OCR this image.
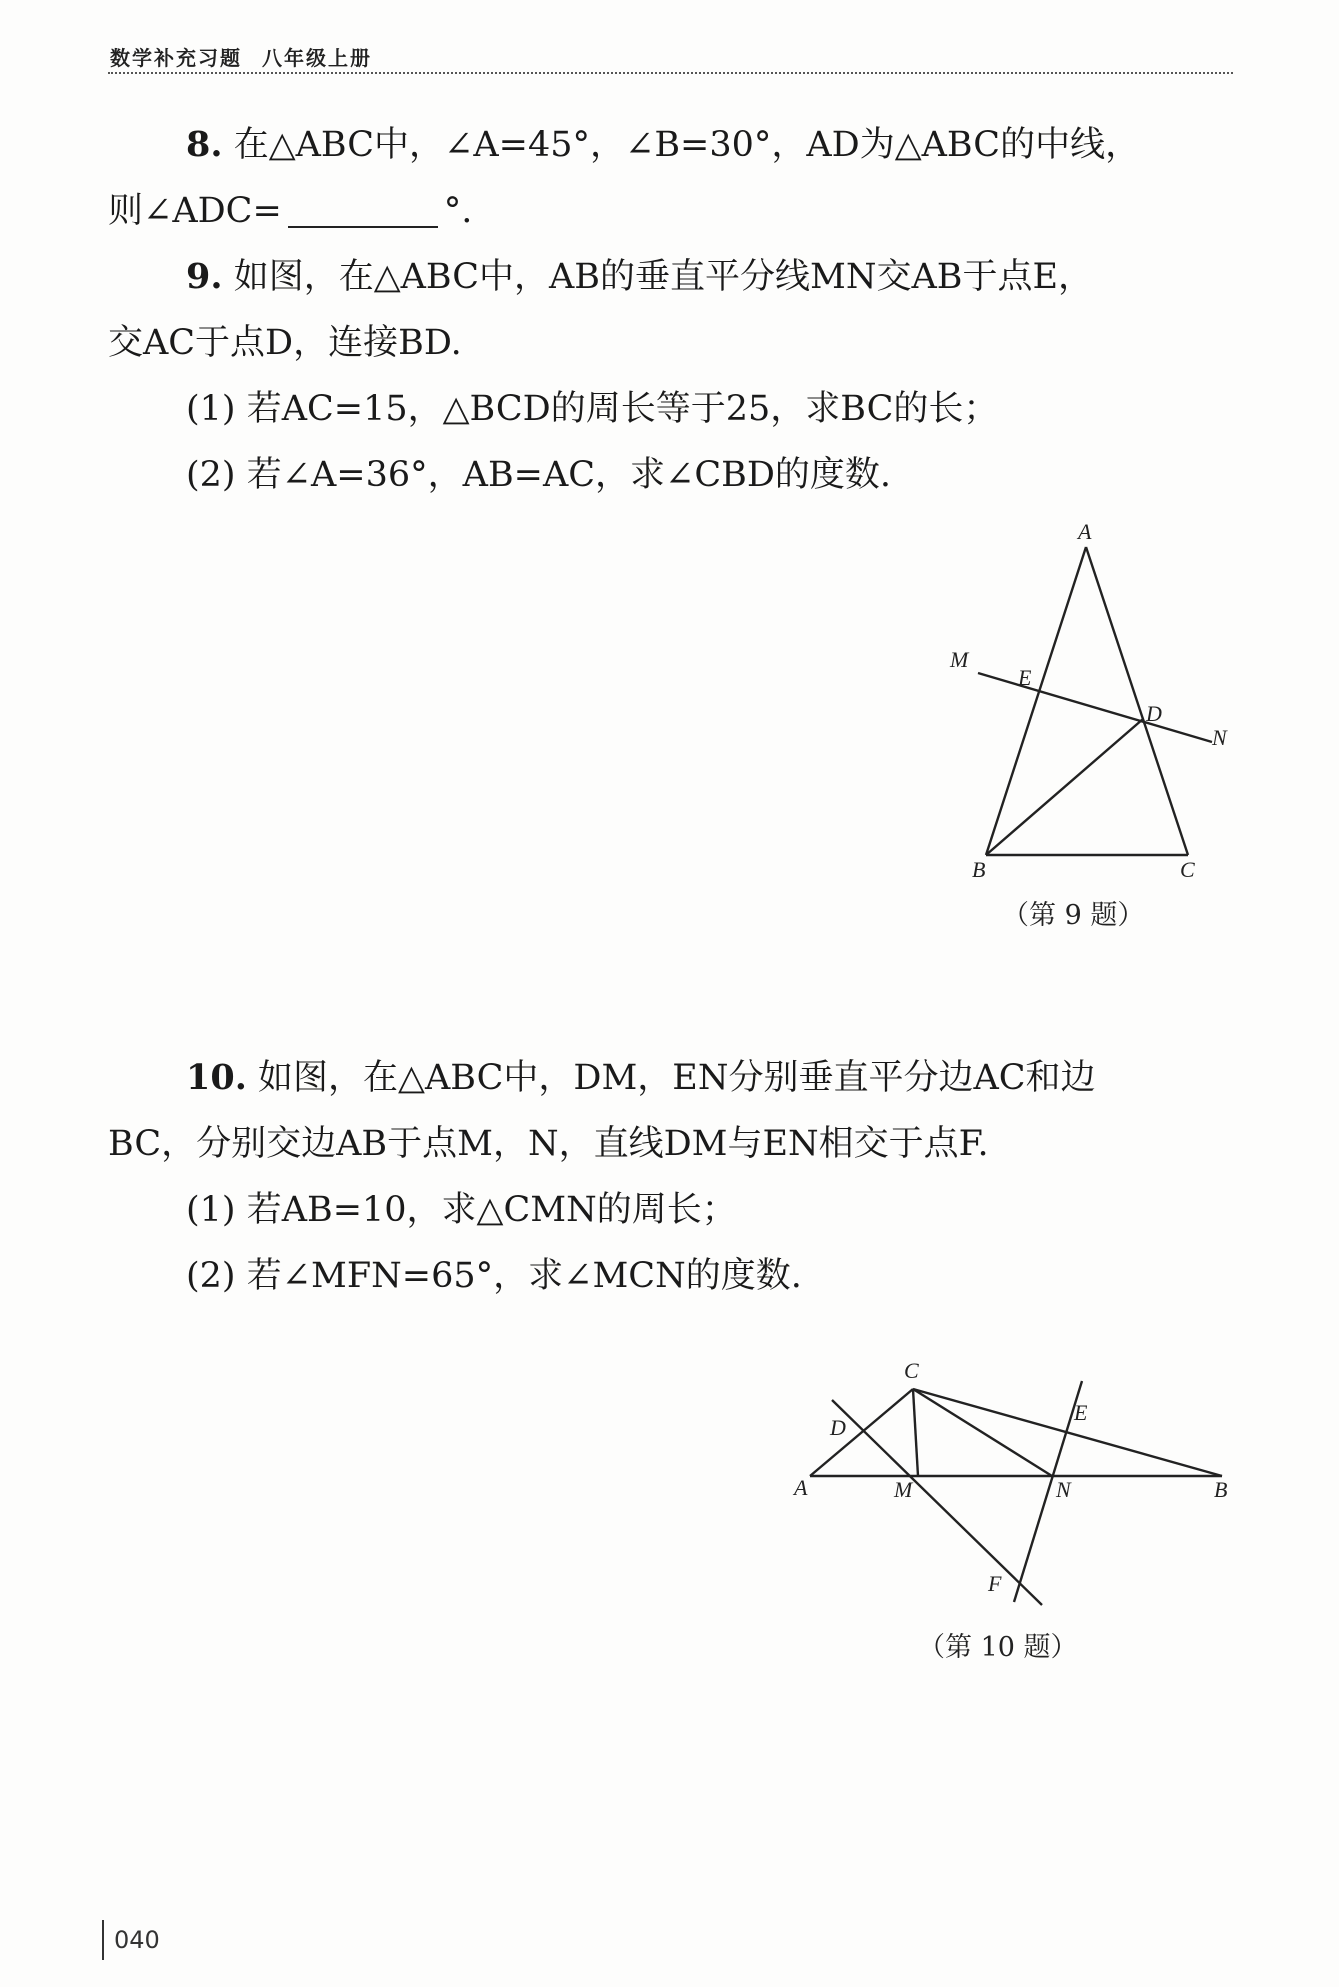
数学补充习题 八年级上册
8. 在△ABC中，∠A=45°，∠B=30°，AD为△ABC的中线，
则∠ADC=	°.
9. 如图，在△ABC中，AB的垂直平分线MN交AB于点E，
交AC于点D，连接BD.
(1) 若AC=15，△BCD的周长等于25，求BC的长；
(2) 若∠A=36°，AB=AC，求∠CBD的度数.
A
M
E
D
N
B	C
（第 9 题）
10. 如图，在△ABC中，DM，EN分别垂直平分边AC和边
BC，分别交边AB于点M，N，直线DM与EN相交于点F.
(1) 若AB=10，求△CMN的周长；
(2) 若∠MFN=65°，求∠MCN的度数.
C
D
E
A	M	N	B
F
（第 10 题）
040
